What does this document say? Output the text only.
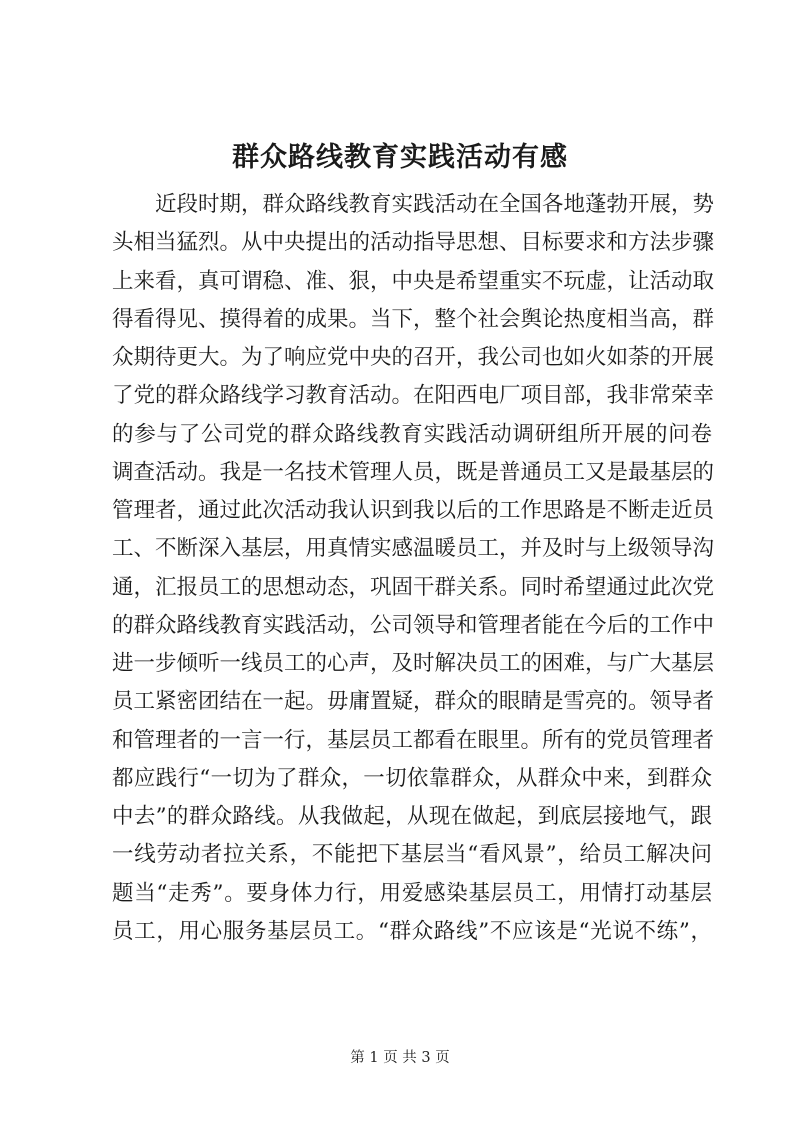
群众路线教育实践活动有感
近段时期，群众路线教育实践活动在全国各地蓬勃开展，势
头相当猛烈。从中央提出的活动指导思想、目标要求和方法步骤
上来看，真可谓稳、准、狠，中央是希望重实不玩虚，让活动取
得看得见、摸得着的成果。当下，整个社会舆论热度相当高，群
众期待更大。为了响应党中央的召开，我公司也如火如荼的开展
了党的群众路线学习教育活动。在阳西电厂项目部，我非常荣幸
的参与了公司党的群众路线教育实践活动调研组所开展的问卷
调查活动。我是一名技术管理人员，既是普通员工又是最基层的
管理者，通过此次活动我认识到我以后的工作思路是不断走近员
工、不断深入基层，用真情实感温暖员工，并及时与上级领导沟
通，汇报员工的思想动态，巩固干群关系。同时希望通过此次党
的群众路线教育实践活动，公司领导和管理者能在今后的工作中
进一步倾听一线员工的心声，及时解决员工的困难，与广大基层
员工紧密团结在一起。毋庸置疑，群众的眼睛是雪亮的。领导者
和管理者的一言一行，基层员工都看在眼里。所有的党员管理者
都应践行“一切为了群众，一切依靠群众，从群众中来，到群众
中去”的群众路线。从我做起，从现在做起，到底层接地气，跟
一线劳动者拉关系，不能把下基层当“看风景”，给员工解决问
题当“走秀”。要身体力行，用爱感染基层员工，用情打动基层
员工，用心服务基层员工。“群众路线”不应该是“光说不练”，
第 1 页 共 3 页
